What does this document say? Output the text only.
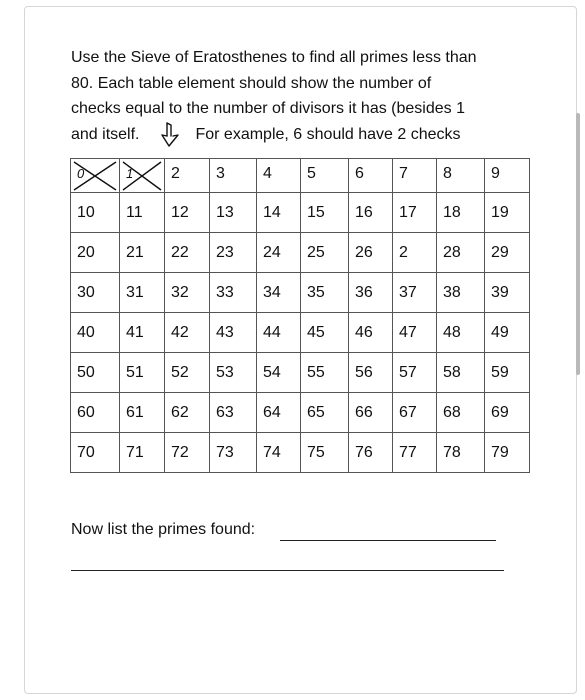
Use the Sieve of Eratosthenes to find all primes less than
80. Each table element should show the number of
checks equal to the number of divisors it has (besides 1
and itself.	For example, 6 should have 2 checks
0	1	2	3	4	5	6	7	8	9
10	11	12	13	14	15	16	17	18	19
20	21	22	23	24	25	26	2	28	29
30	31	32	33	34	35	36	37	38	39
40	41	42	43	44	45	46	47	48	49
50	51	52	53	54	55	56	57	58	59
60	61	62	63	64	65	66	67	68	69
70	71	72	73	74	75	76	77	78	79
Now list the primes found:
